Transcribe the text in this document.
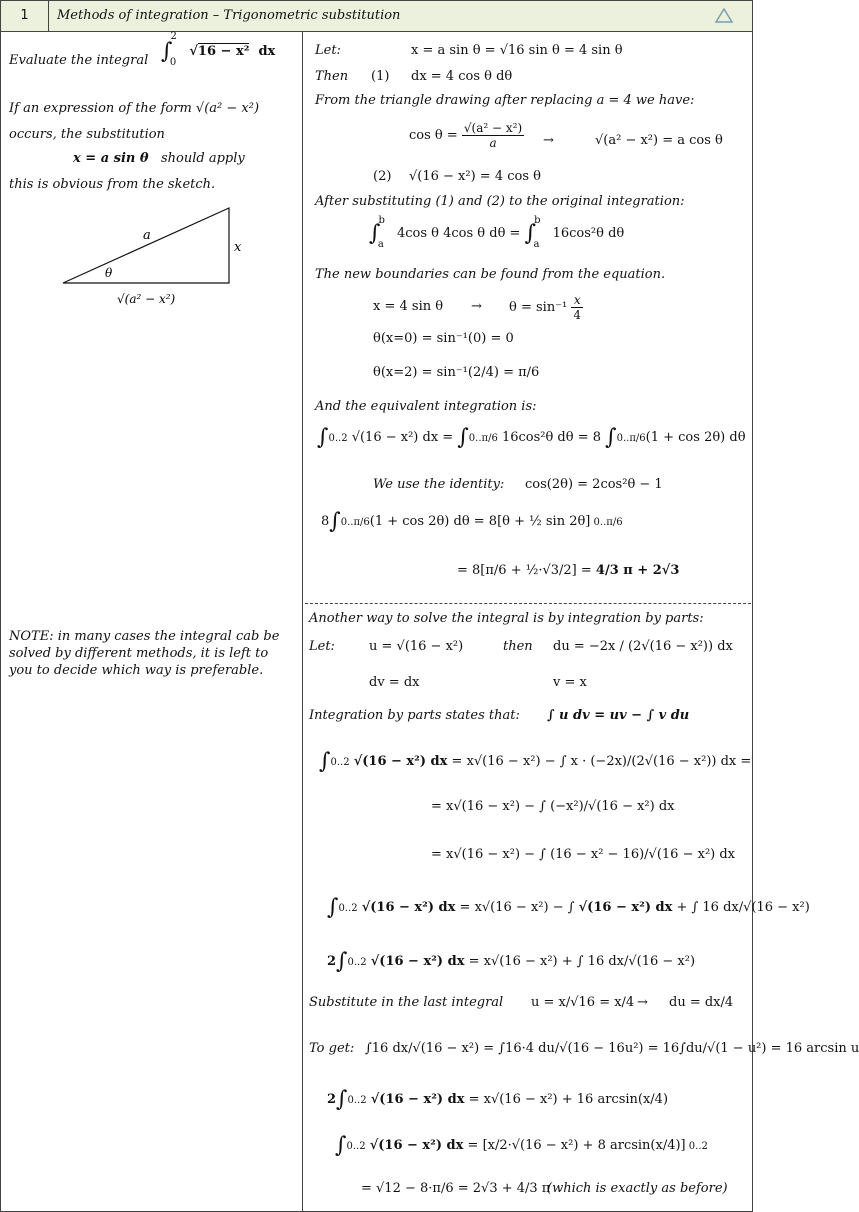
1	Methods of integration – Trigonometric substitution
Evaluate the integral ∫$^2_0$ √16 − x²  dx
If an expression of the form √(a² − x²)
occurs, the substitution
x = a sin θ should apply
this is obvious from the sketch.
a
x
θ
√(a² − x²)
NOTE: in many cases the integral cab be
solved by different methods, it is left to
you to decide which way is preferable.
Let:	x = a sin θ = √16 sin θ = 4 sin θ
Then (1) dx = 4 cos θ dθ
From the triangle drawing after replacing a = 4 we have:
$\cos \theta = \frac{\text{√(a² − x²)}}{a}$ →	√(a² − x²) = a cos θ
(2) √(16 − x²) = 4 cos θ
After substituting (1) and (2) to the original integration:
∫$^b_a$ 4cos θ 4cos θ dθ = ∫$^b_a$ 16cos²θ dθ
The new boundaries can be found from the equation.
x = 4 $\sin \theta \to \theta = \sin^{-1} \frac{x}{4}$
θ(x=0) = sin⁻¹(0) = 0
θ(x=2) = sin⁻¹(2/4) = π/6
And the equivalent integration is:
∫0..2 √(16 − x²) dx = ∫0..π/6 16cos²θ dθ = 8 ∫0..π/6(1 + cos 2θ) dθ
We use the identity: cos(2θ) = 2cos²θ − 1
8∫0..π/6(1 + cos 2θ) dθ = 8[θ + ½ sin 2θ] 0..π/6
= 8[π/6 + ½·√3/2] = 4/3 π + 2√3
Another way to solve the integral is by integration by parts:
Let:	u = √(16 − x²)	then du = −2x / (2√(16 − x²)) dx
dv = dx	v = x
Integration by parts states that: ∫ u dv = uv − ∫ v du
∫0..2 √(16 − x²) dx = x√(16 − x²) − ∫ x · (−2x)/(2√(16 − x²)) dx =
= x√(16 − x²) − ∫ (−x²)/√(16 − x²) dx
= x√(16 − x²) − ∫ (16 − x² − 16)/√(16 − x²) dx
∫0..2 √(16 − x²) dx = x√(16 − x²) − ∫ √(16 − x²) dx + ∫ 16 dx/√(16 − x²)
2∫0..2 √(16 − x²) dx = x√(16 − x²) + ∫ 16 dx/√(16 − x²)
Substitute in the last integral u = x/√16 = x/4 → du = dx/4
To get: ∫16 dx/√(16 − x²) = ∫16·4 du/√(16 − 16u²) = 16∫du/√(1 − u²) = 16 arcsin u
2∫0..2 √(16 − x²) dx = x√(16 − x²) + 16 arcsin(x/4)
∫0..2 √(16 − x²) dx = [x/2·√(16 − x²) + 8 arcsin(x/4)] 0..2
= √12 − 8·π/6 = 2√3 + 4/3 π
(which is exactly as before)
